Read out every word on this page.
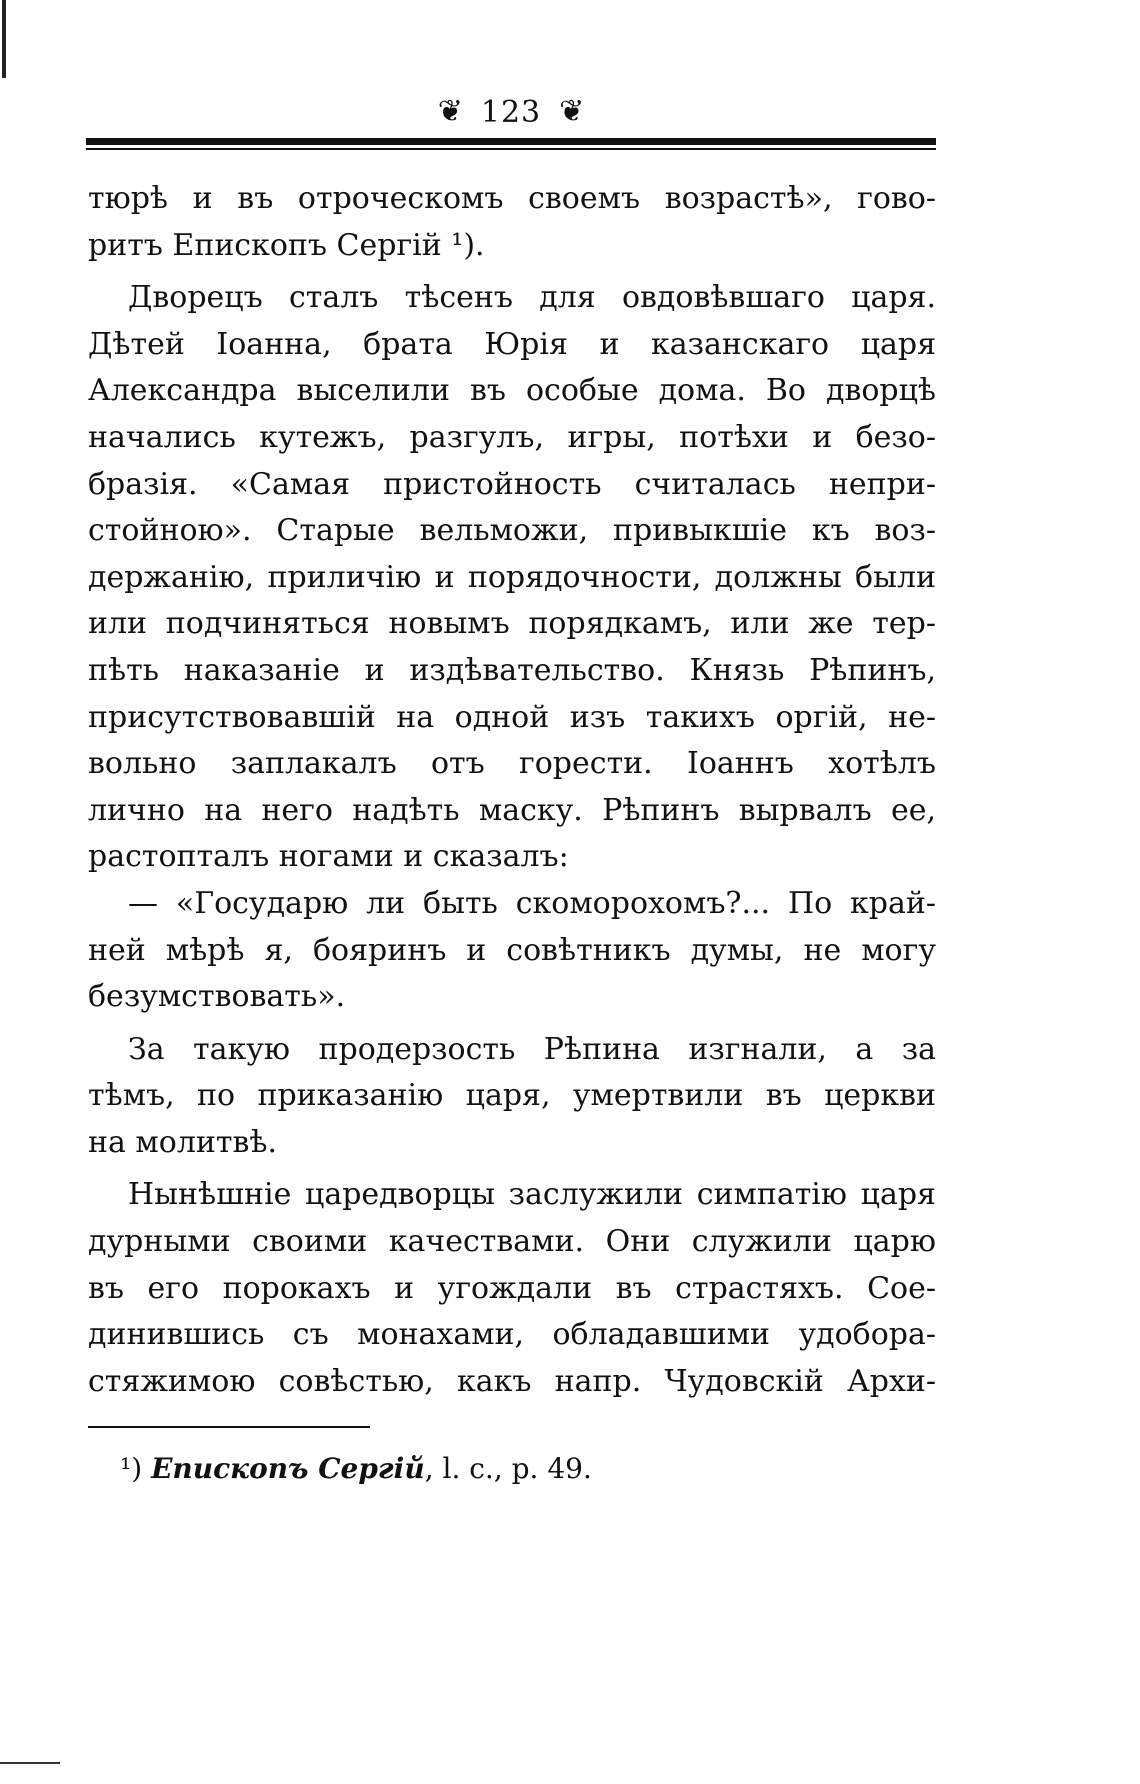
❦ 123 ❦
тюрѣ и въ отроческомъ своемъ возрастѣ», гово-
ритъ Епископъ Сергій ¹).
Дворецъ сталъ тѣсенъ для овдовѣвшаго царя.
Дѣтей Іоанна, брата Юрія и казанскаго царя
Александра выселили въ особые дома. Во дворцѣ
начались кутежъ, разгулъ, игры, потѣхи и безо-
бразія. «Самая пристойность считалась непри-
стойною». Старые вельможи, привыкшіе къ воз-
держанію, приличію и порядочности, должны были
или подчиняться новымъ порядкамъ, или же тер-
пѣть наказаніе и издѣвательство. Князь Рѣпинъ,
присутствовавшій на одной изъ такихъ оргій, не-
вольно заплакалъ отъ горести. Іоаннъ хотѣлъ
лично на него надѣть маску. Рѣпинъ вырвалъ ее,
растопталъ ногами и сказалъ:
— «Государю ли быть скоморохомъ?... По край-
ней мѣрѣ я, бояринъ и совѣтникъ думы, не могу
безумствовать».
За такую продерзость Рѣпина изгнали, а за
тѣмъ, по приказанію царя, умертвили въ церкви
на молитвѣ.
Нынѣшніе царедворцы заслужили симпатію царя
дурными своими качествами. Они служили царю
въ его порокахъ и угождали въ страстяхъ. Сое-
динившись съ монахами, обладавшими удобора-
стяжимою совѣстью, какъ напр. Чудовскій Архи-
¹) Епископъ Сергій, l. c., p. 49.
